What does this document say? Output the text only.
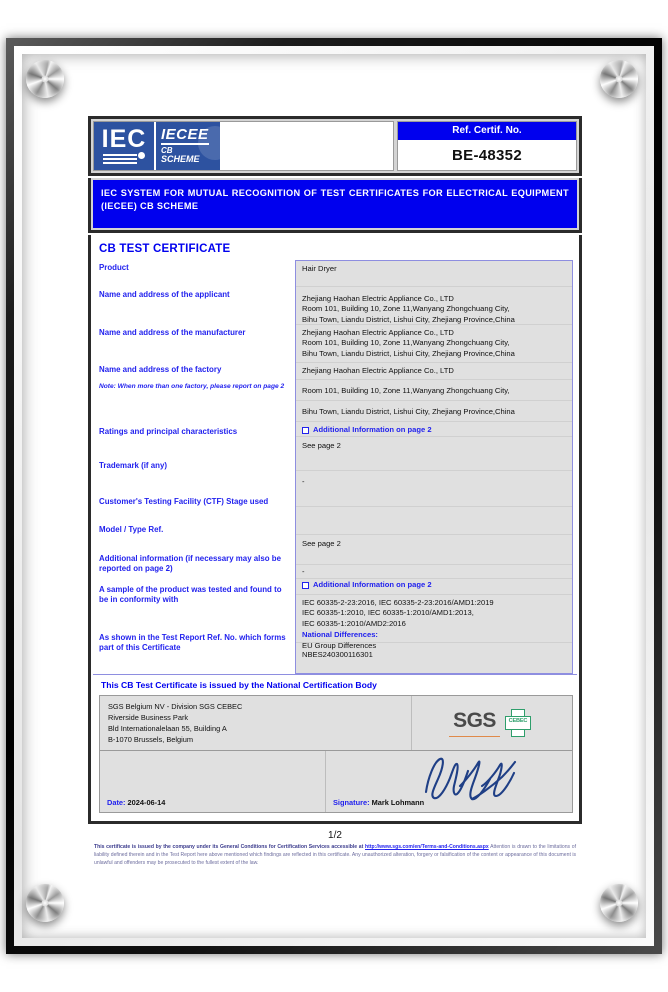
IEC IECEE
CB
SCHEME
Ref. Certif. No.
BE-48352
IEC SYSTEM FOR MUTUAL RECOGNITION OF TEST CERTIFICATES FOR ELECTRICAL EQUIPMENT (IECEE) CB SCHEME
CB TEST CERTIFICATE
Product
Name and address of the applicant
Name and address of the manufacturer
Name and address of the factory
Note: When more than one factory, please report on page 2
Ratings and principal characteristics
Trademark (if any)
Customer's Testing Facility (CTF) Stage used
Model / Type Ref.
Additional information (if necessary may also be reported on page 2)
A sample of the product was tested and found to be in conformity with
As shown in the Test Report Ref. No. which forms part of this Certificate
Hair Dryer
Zhejiang Haohan Electric Appliance Co., LTD
Room 101, Building 10, Zone 11,Wanyang Zhongchuang City,
Bihu Town, Liandu District, Lishui City, Zhejiang Province,China
Zhejiang Haohan Electric Appliance Co., LTD
Room 101, Building 10, Zone 11,Wanyang Zhongchuang City,
Bihu Town, Liandu District, Lishui City, Zhejiang Province,China
Zhejiang Haohan Electric Appliance Co., LTD
Room 101, Building 10, Zone 11,Wanyang Zhongchuang City,
Bihu Town, Liandu District, Lishui City, Zhejiang Province,China
Additional Information on page 2
See page 2
-
See page 2
-
Additional Information on page 2
IEC 60335-2-23:2016, IEC 60335-2-23:2016/AMD1:2019
IEC 60335-1:2010, IEC 60335-1:2010/AMD1:2013,
IEC 60335-1:2010/AMD2:2016
National Differences:
EU Group Differences
NBES240300116301
This CB Test Certificate is issued by the National Certification Body
SGS Belgium NV - Division SGS CEBEC
Riverside Business Park
Bld Internationalelaan 55, Building A
B-1070 Brussels, Belgium
SGS	CEBEC
Date: 2024-06-14	Signature: Mark Lohmann
1/2
This certificate is issued by the company under its General Conditions for Certification Services accessible at http://www.sgs.com/en/Terms-and-Conditions.aspx Attention is drawn to the limitations of liability defined therein and in the Test Report here above mentioned which findings are reflected in this certificate. Any unauthorized alteration, forgery or falsification of the content or appearance of this document is unlawful and offenders may be prosecuted to the fullest extent of the law.
